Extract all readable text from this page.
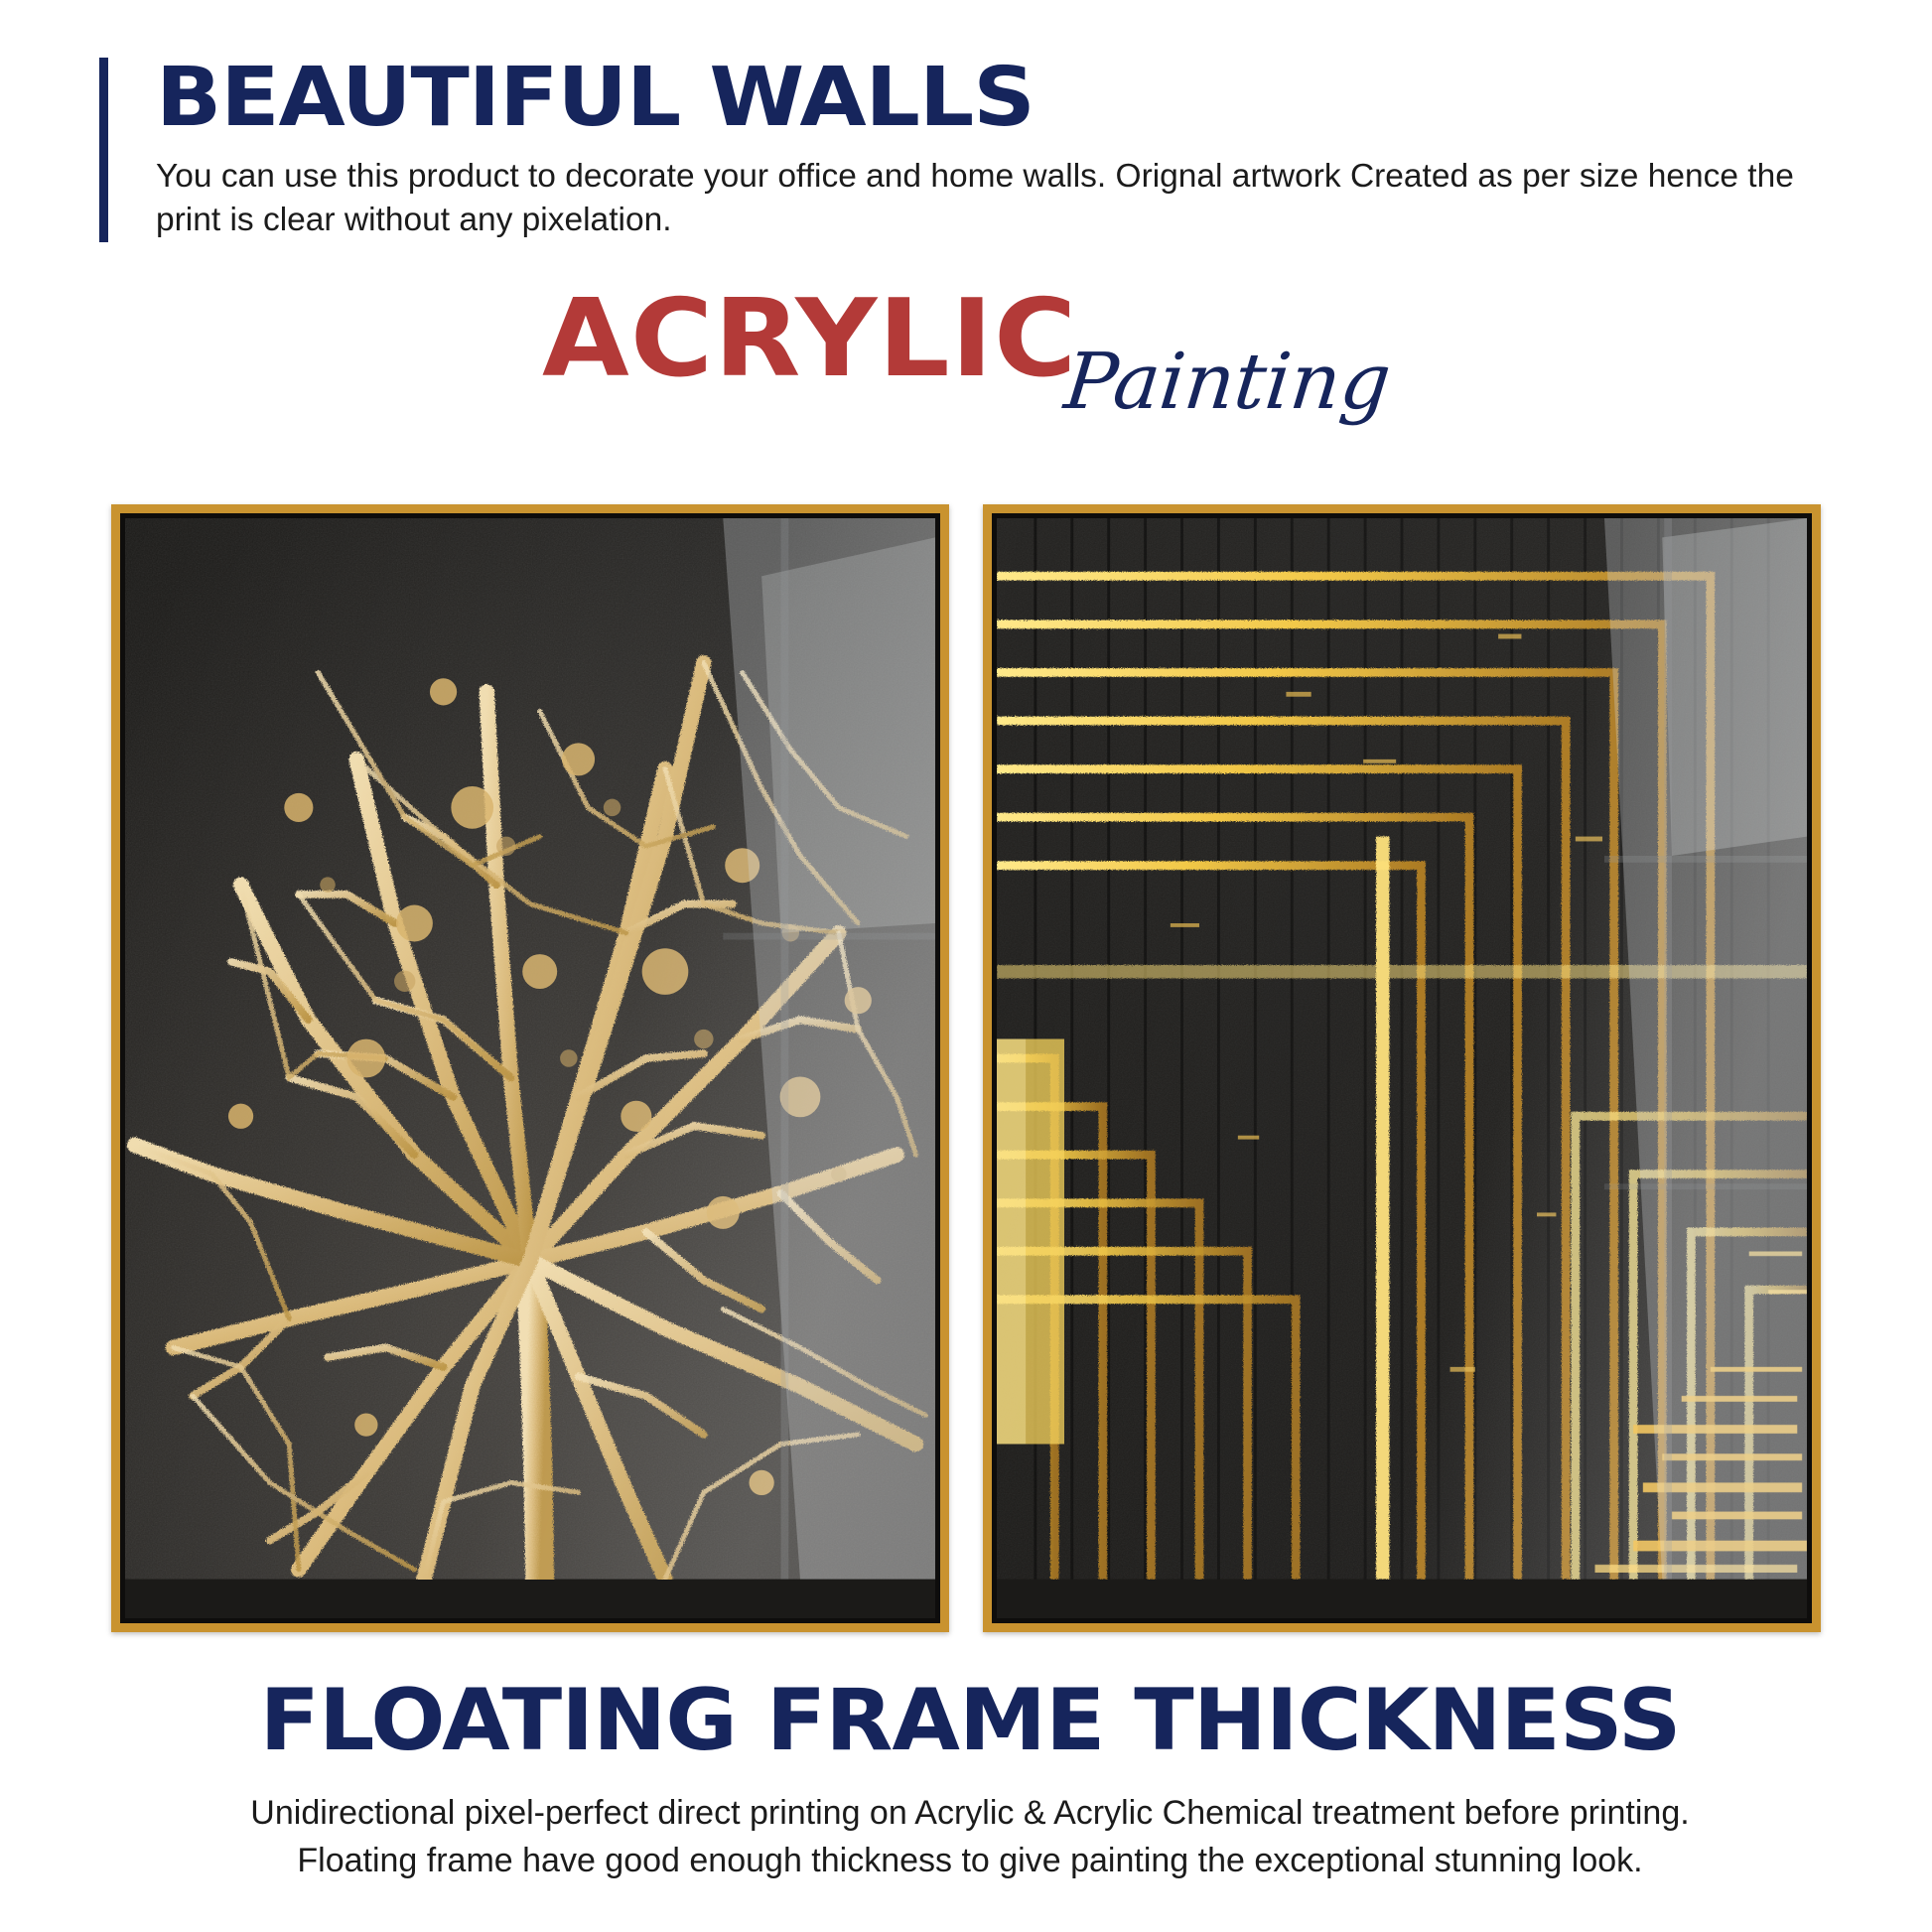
BEAUTIFUL WALLS

You can use this product to decorate your office and home walls. Orignal artwork Created as per size hence the print is clear without any pixelation.

ACRYLIC
Painting
FLOATING FRAME THICKNESS

Unidirectional pixel-perfect direct printing on Acrylic & Acrylic Chemical treatment before printing.

Floating frame have good enough thickness to give painting the exceptional stunning look.
